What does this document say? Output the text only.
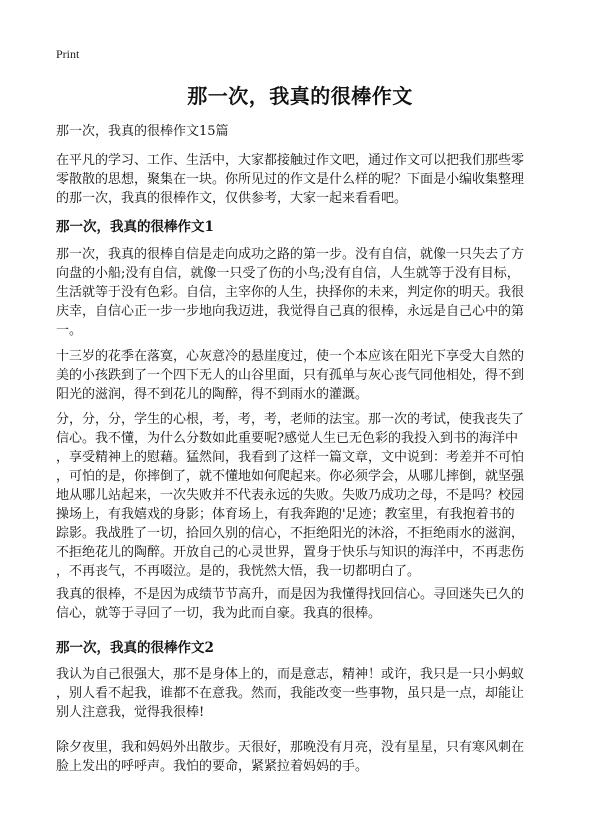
Print
那一次，我真的很棒作文
那一次，我真的很棒作文15篇
在平凡的学习、工作、生活中，大家都接触过作文吧，通过作文可以把我们那些零
零散散的思想，聚集在一块。你所见过的作文是什么样的呢？下面是小编收集整理
的那一次，我真的很棒作文，仅供参考，大家一起来看看吧。
那一次，我真的很棒作文1
那一次，我真的很棒自信是走向成功之路的第一步。没有自信，就像一只失去了方
向盘的小船;没有自信，就像一只受了伤的小鸟;没有自信，人生就等于没有目标，
生活就等于没有色彩。自信，主宰你的人生，抉择你的未来，判定你的明天。我很
庆幸，自信心正一步一步地向我迈进，我觉得自己真的很棒，永远是自己心中的第
一。
十三岁的花季在落寞，心灰意冷的悬崖度过，使一个本应该在阳光下享受大自然的
美的小孩跌到了一个四下无人的山谷里面，只有孤单与灰心丧气同他相处，得不到
阳光的滋润，得不到花儿的陶醉，得不到雨水的灌溉。
分，分，分，学生的心根，考，考，考，老师的法宝。那一次的考试，使我丧失了
信心。我不懂，为什么分数如此重要呢?感觉人生已无色彩的我投入到书的海洋中
，享受精神上的慰藉。猛然间，我看到了这样一篇文章，文中说到：考差并不可怕
，可怕的是，你摔倒了，就不懂地如何爬起来。你必须学会，从哪儿摔倒，就坚强
地从哪儿站起来，一次失败并不代表永远的失败。失败乃成功之母，不是吗？校园
操场上，有我嬉戏的身影；体育场上，有我奔跑的'足迹；教室里，有我抱着书的
踪影。我战胜了一切，拾回久别的信心，不拒绝阳光的沐浴，不拒绝雨水的滋润，
不拒绝花儿的陶醉。开放自己的心灵世界，置身于快乐与知识的海洋中，不再悲伤
，不再丧气，不再啜泣。是的，我恍然大悟，我一切都明白了。
我真的很棒，不是因为成绩节节高升，而是因为我懂得找回信心。寻回迷失已久的
信心，就等于寻回了一切，我为此而自豪。我真的很棒。
那一次，我真的很棒作文2
我认为自己很强大，那不是身体上的，而是意志，精神！或许，我只是一只小蚂蚁
，别人看不起我，谁都不在意我。然而，我能改变一些事物，虽只是一点，却能让
别人注意我，觉得我很棒!
除夕夜里，我和妈妈外出散步。天很好，那晚没有月亮，没有星星，只有寒风刺在
脸上发出的呼呼声。我怕的要命，紧紧拉着妈妈的手。
